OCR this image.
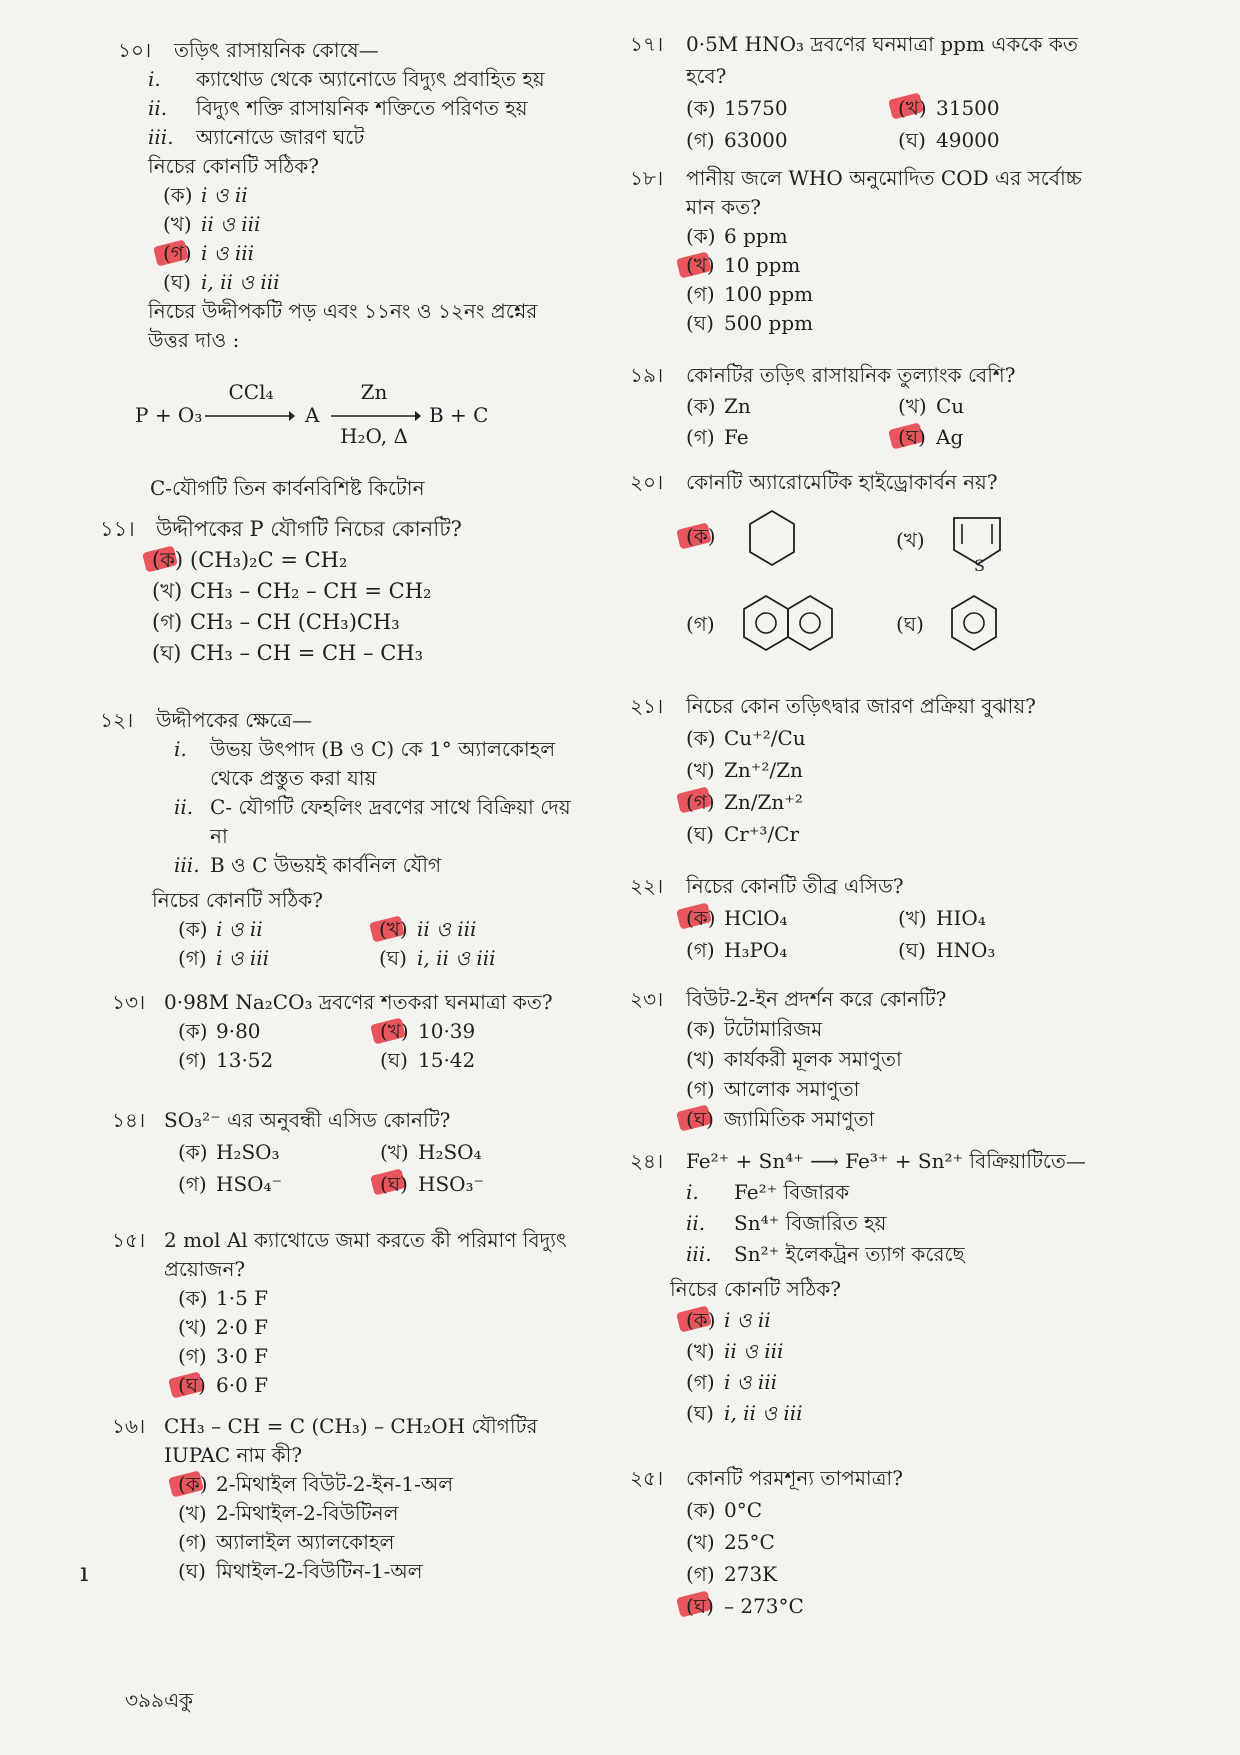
১০।	তড়িৎ রাসায়নিক কোষে—
i.	ক্যাথোড থেকে অ্যানোডে বিদ্যুৎ প্রবাহিত হয়
ii.	বিদ্যুৎ শক্তি রাসায়নিক শক্তিতে পরিণত হয়
iii.	অ্যানোডে জারণ ঘটে
নিচের কোনটি সঠিক?
(ক) i ও ii
(খ) ii ও iii
(গ) i ও iii
(ঘ) i, ii ও iii
নিচের উদ্দীপকটি পড় এবং ১১নং ও ১২নং প্রশ্নের
উত্তর দাও :
P + O₃
CCl₄
A
Zn
H₂O, Δ
B + C
C-যৌগটি তিন কার্বনবিশিষ্ট কিটোন
১১।	উদ্দীপকের P যৌগটি নিচের কোনটি?
(ক) (CH₃)₂C = CH₂
(খ) CH₃ – CH₂ – CH = CH₂
(গ) CH₃ – CH (CH₃)CH₃
(ঘ) CH₃ – CH = CH – CH₃
১২।	উদ্দীপকের ক্ষেত্রে—
i.	উভয় উৎপাদ (B ও C) কে 1° অ্যালকোহল থেকে প্রস্তুত করা যায়
ii. C- যৌগটি ফেহলিং দ্রবণের সাথে বিক্রিয়া দেয় না
iii. B ও C উভয়ই কার্বনিল যৌগ
নিচের কোনটি সঠিক?
(ক) i ও ii	(খ) ii ও iii
(গ) i ও iii	(ঘ) i, ii ও iii
১৩। 0·98M Na₂CO₃ দ্রবণের শতকরা ঘনমাত্রা কত?
(ক) 9·80	(খ) 10·39
(গ) 13·52	(ঘ) 15·42
১৪। SO₃²⁻ এর অনুবন্ধী এসিড কোনটি?
(ক) H₂SO₃	(খ) H₂SO₄
(গ) HSO₄⁻	(ঘ) HSO₃⁻
১৫। 2 mol Al ক্যাথোডে জমা করতে কী পরিমাণ বিদ্যুৎ প্রয়োজন?
(ক) 1·5 F
(খ) 2·0 F
(গ) 3·0 F
(ঘ) 6·0 F
১৬। CH₃ – CH = C (CH₃) – CH₂OH যৌগটির IUPAC নাম কী?
(ক) 2-মিথাইল বিউট-2-ইন-1-অল
(খ) 2-মিথাইল-2-বিউটিনল
(গ) অ্যালাইল অ্যালকোহল
(ঘ) মিথাইল-2-বিউটিন-1-অল
ı
১৭।	0·5M HNO₃ দ্রবণের ঘনমাত্রা ppm এককে কত হবে?
(ক) 15750	(খ) 31500
(গ) 63000	(ঘ) 49000
১৮।	পানীয় জলে WHO অনুমোদিত COD এর সর্বোচ্চ মান কত?
(ক) 6 ppm
(খ) 10 ppm
(গ) 100 ppm
(ঘ) 500 ppm
১৯।	কোনটির তড়িৎ রাসায়নিক তুল্যাংক বেশি?
(ক) Zn	(খ) Cu
(গ) Fe	(ঘ) Ag
২০।	কোনটি অ্যারোমেটিক হাইড্রোকার্বন নয়?
(ক)	(খ)
S
(গ)	(ঘ)
২১।	নিচের কোন তড়িৎদ্বার জারণ প্রক্রিয়া বুঝায়?
(ক) Cu⁺²/Cu
(খ) Zn⁺²/Zn
(গ) Zn/Zn⁺²
(ঘ) Cr⁺³/Cr
২২।	নিচের কোনটি তীব্র এসিড?
(ক) HClO₄	(খ) HIO₄
(গ) H₃PO₄	(ঘ) HNO₃
২৩।	বিউট-2-ইন প্রদর্শন করে কোনটি?
(ক) টটোমারিজম
(খ) কার্যকরী মূলক সমাণুতা
(গ) আলোক সমাণুতা
(ঘ) জ্যামিতিক সমাণুতা
২৪।	Fe²⁺ + Sn⁴⁺ ⟶ Fe³⁺ + Sn²⁺ বিক্রিয়াটিতে—
i.	Fe²⁺ বিজারক
ii.	Sn⁴⁺ বিজারিত হয়
iii.	Sn²⁺ ইলেকট্রন ত্যাগ করেছে
নিচের কোনটি সঠিক?
(ক) i ও ii
(খ) ii ও iii
(গ) i ও iii
(ঘ) i, ii ও iii
২৫।	কোনটি পরমশূন্য তাপমাত্রা?
(ক) 0°C
(খ) 25°C
(গ) 273K
(ঘ) – 273°C
৩৯৯একু
